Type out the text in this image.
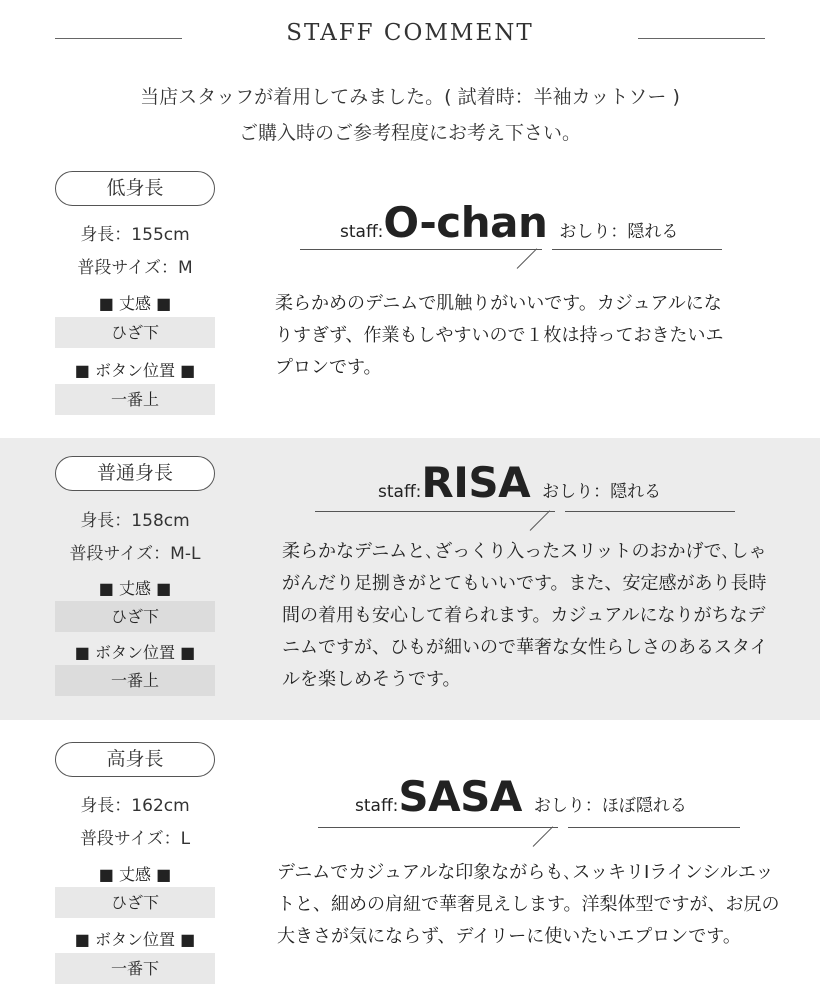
STAFF COMMENT
当店スタッフが着用してみました。( 試着時：半袖カットソー )
ご購入時のご参考程度にお考え下さい。
低身長
身長：155cm
普段サイズ：M
■ 丈感 ■
ひざ下
■ ボタン位置 ■
一番上
staff:O-chan おしり：隠れる
柔らかめのデニムで肌触りがいいです。カジュアルにな
りすぎず、作業もしやすいので１枚は持っておきたいエ
プロンです。
普通身長
身長：158cm
普段サイズ：M-L
■ 丈感 ■
ひざ下
■ ボタン位置 ■
一番上
staff:RISA おしり：隠れる
柔らかなデニムと､ざっくり入ったスリットのおかげで､しゃ
がんだり足捌きがとてもいいです。また、安定感があり長時
間の着用も安心して着られます。カジュアルになりがちなデ
ニムですが、ひもが細いので華奢な女性らしさのあるスタイ
ルを楽しめそうです。
高身長
身長：162cm
普段サイズ：L
■ 丈感 ■
ひざ下
■ ボタン位置 ■
一番下
staff:SASA おしり：ほぼ隠れる
デニムでカジュアルな印象ながらも､スッキリIラインシルエッ
トと、細めの肩紐で華奢見えします。洋梨体型ですが、お尻の
大きさが気にならず、デイリーに使いたいエプロンです。
